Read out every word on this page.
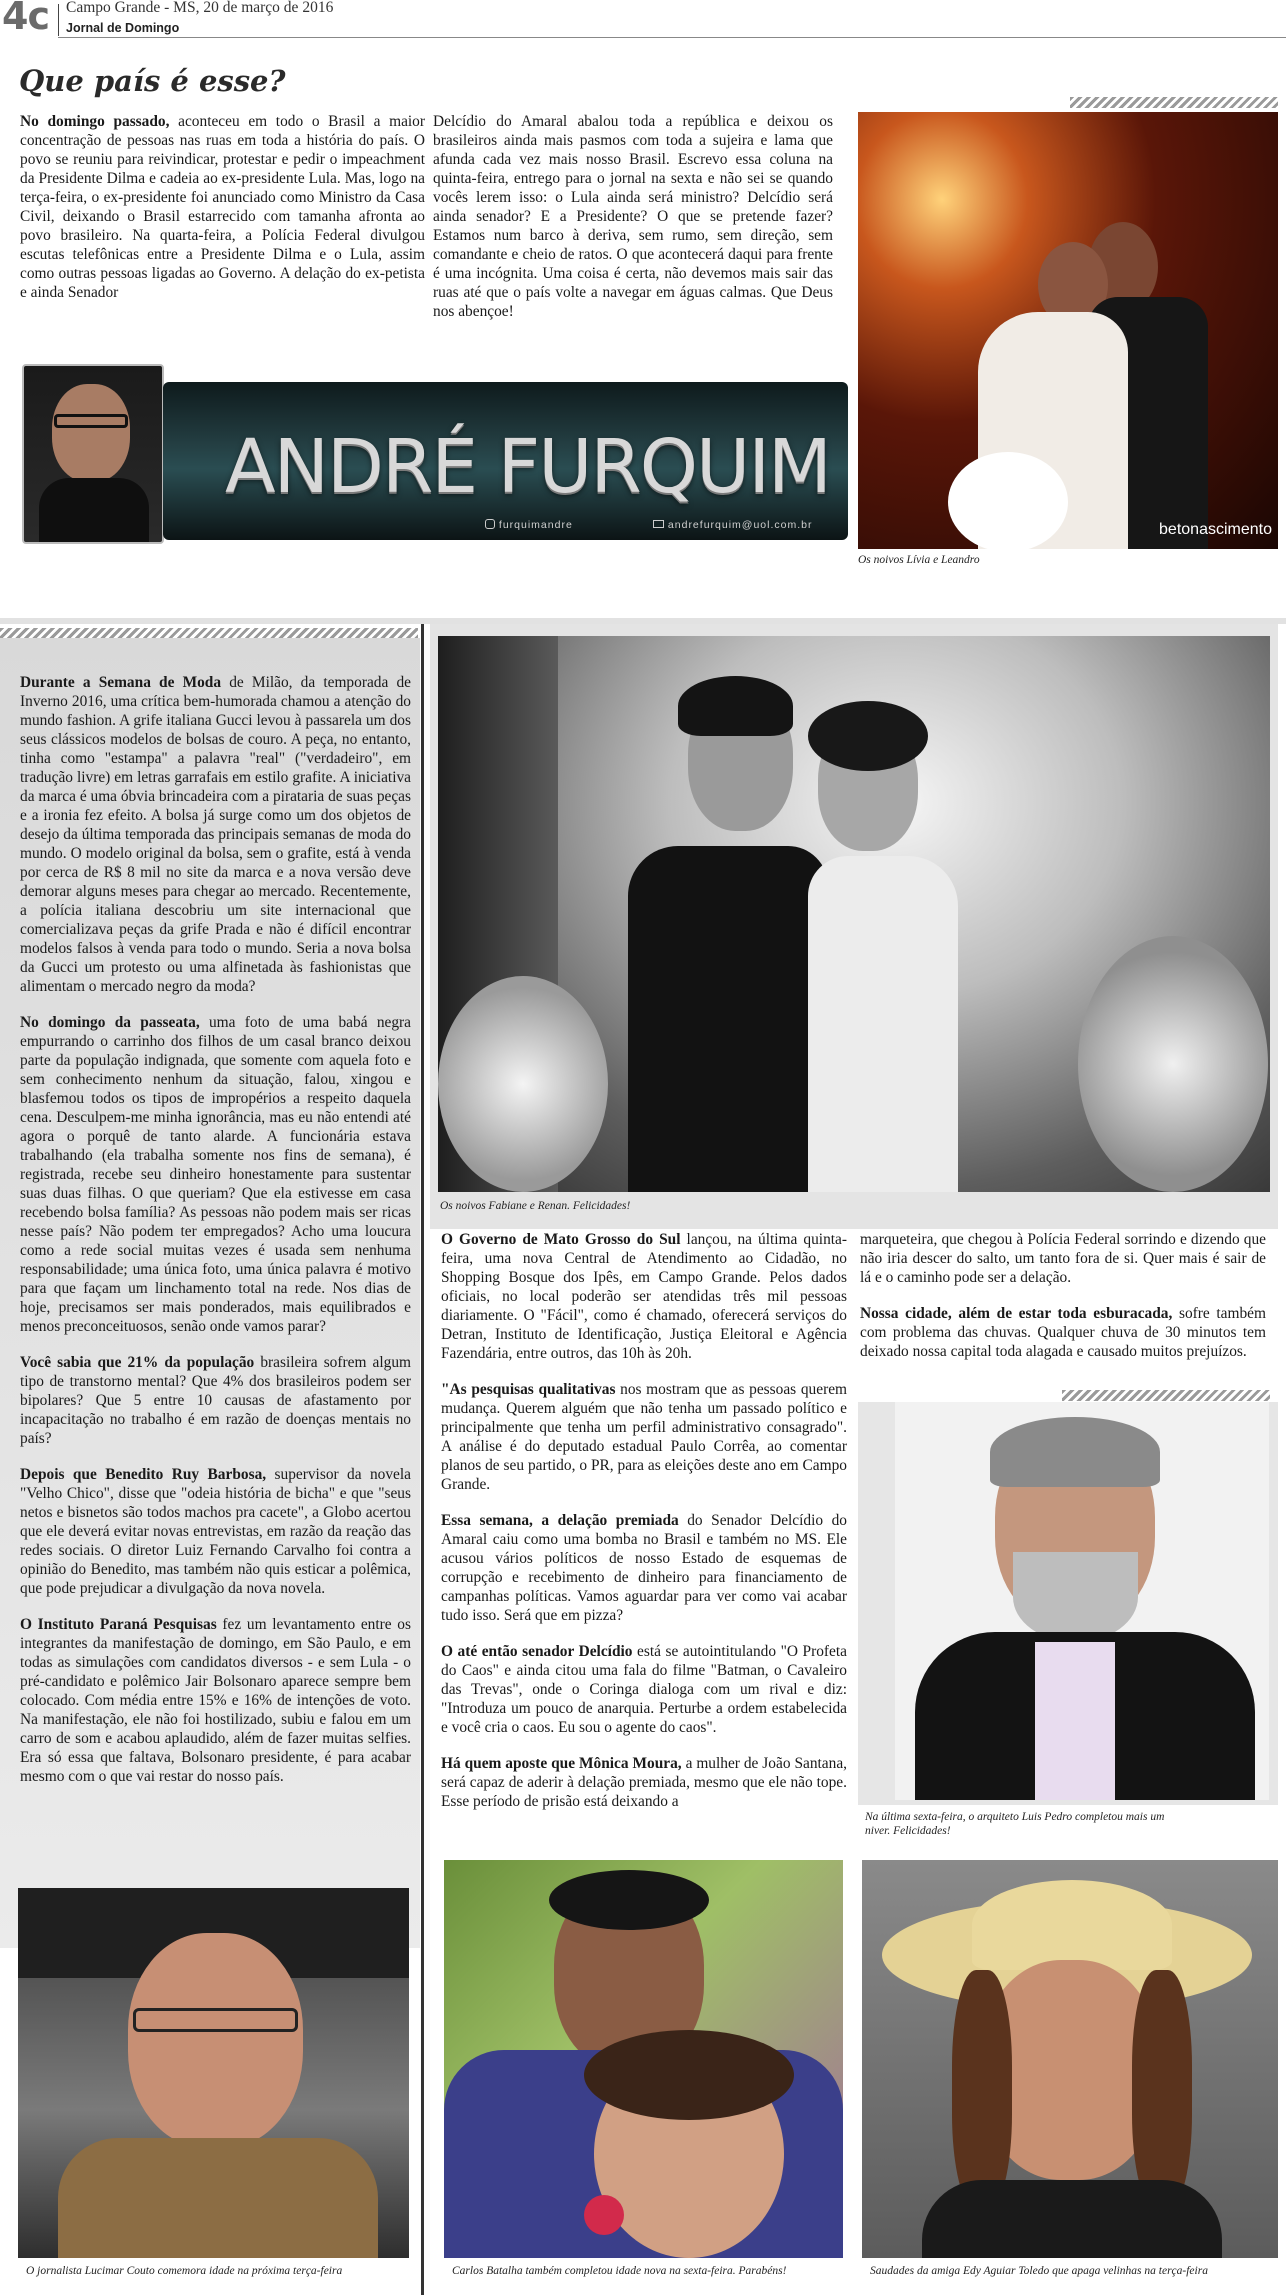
4c Campo Grande - MS, 20 de março de 2016
Jornal de Domingo
Que país é esse?

No domingo passado, aconteceu em todo o Brasil a maior concentração de pessoas nas ruas em toda a história do país. O povo se reuniu para reivindicar, protestar e pedir o impeachment da Presidente Dilma e cadeia ao ex-presidente Lula. Mas, logo na terça-feira, o ex-presidente foi anunciado como Ministro da Casa Civil, deixando o Brasil estarrecido com tamanha afronta ao povo brasileiro. Na quarta-feira, a Polícia Federal divulgou escutas telefônicas entre a Presidente Dilma e o Lula, assim como outras pessoas ligadas ao Governo. A delação do ex-petista e ainda Senador

Delcídio do Amaral abalou toda a república e deixou os brasileiros ainda mais pasmos com toda a sujeira e lama que afunda cada vez mais nosso Brasil. Escrevo essa coluna na quinta-feira, entrego para o jornal na sexta e não sei se quando vocês lerem isso: o Lula ainda será ministro? Delcídio será ainda senador? E a Presidente? O que se pretende fazer? Estamos num barco à deriva, sem rumo, sem direção, sem comandante e cheio de ratos. O que acontecerá daqui para frente é uma incógnita. Uma coisa é certa, não devemos mais sair das ruas até que o país volte a navegar em águas calmas. Que Deus nos abençoe!

betonascimento
Os noivos Lívia e Leandro
ANDRÉ FURQUIM
furquimandre	andrefurquim@uol.com.br

Durante a Semana de Moda de Milão, da temporada de Inverno 2016, uma crítica bem-humorada chamou a atenção do mundo fashion. A grife italiana Gucci levou à passarela um dos seus clássicos modelos de bolsas de couro. A peça, no entanto, tinha como "estampa" a palavra "real" ("verdadeiro", em tradução livre) em letras garrafais em estilo grafite. A iniciativa da marca é uma óbvia brincadeira com a pirataria de suas peças e a ironia fez efeito. A bolsa já surge como um dos objetos de desejo da última temporada das principais semanas de moda do mundo. O modelo original da bolsa, sem o grafite, está à venda por cerca de R$ 8 mil no site da marca e a nova versão deve demorar alguns meses para chegar ao mercado. Recentemente, a polícia italiana descobriu um site internacional que comercializava peças da grife Prada e não é difícil encontrar modelos falsos à venda para todo o mundo. Seria a nova bolsa da Gucci um protesto ou uma alfinetada às fashionistas que alimentam o mercado negro da moda?

No domingo da passeata, uma foto de uma babá negra empurrando o carrinho dos filhos de um casal branco deixou parte da população indignada, que somente com aquela foto e sem conhecimento nenhum da situação, falou, xingou e blasfemou todos os tipos de impropérios a respeito daquela cena. Desculpem-me minha ignorância, mas eu não entendi até agora o porquê de tanto alarde. A funcionária estava trabalhando (ela trabalha somente nos fins de semana), é registrada, recebe seu dinheiro honestamente para sustentar suas duas filhas. O que queriam? Que ela estivesse em casa recebendo bolsa família? As pessoas não podem mais ser ricas nesse país? Não podem ter empregados? Acho uma loucura como a rede social muitas vezes é usada sem nenhuma responsabilidade; uma única foto, uma única palavra é motivo para que façam um linchamento total na rede. Nos dias de hoje, precisamos ser mais ponderados, mais equilibrados e menos preconceituosos, senão onde vamos parar?

Você sabia que 21% da população brasileira sofrem algum tipo de transtorno mental? Que 4% dos brasileiros podem ser bipolares? Que 5 entre 10 causas de afastamento por incapacitação no trabalho é em razão de doenças mentais no país?

Depois que Benedito Ruy Barbosa, supervisor da novela "Velho Chico", disse que "odeia história de bicha" e que "seus netos e bisnetos são todos machos pra cacete", a Globo acertou que ele deverá evitar novas entrevistas, em razão da reação das redes sociais. O diretor Luiz Fernando Carvalho foi contra a opinião do Benedito, mas também não quis esticar a polêmica, que pode prejudicar a divulgação da nova novela.

O Instituto Paraná Pesquisas fez um levantamento entre os integrantes da manifestação de domingo, em São Paulo, e em todas as simulações com candidatos diversos - e sem Lula - o pré-candidato e polêmico Jair Bolsonaro aparece sempre bem colocado. Com média entre 15% e 16% de intenções de voto. Na manifestação, ele não foi hostilizado, subiu e falou em um carro de som e acabou aplaudido, além de fazer muitas selfies. Era só essa que faltava, Bolsonaro presidente, é para acabar mesmo com o que vai restar do nosso país.

Os noivos Fabiane e Renan. Felicidades!

O Governo de Mato Grosso do Sul lançou, na última quinta-feira, uma nova Central de Atendimento ao Cidadão, no Shopping Bosque dos Ipês, em Campo Grande. Pelos dados oficiais, no local poderão ser atendidas três mil pessoas diariamente. O "Fácil", como é chamado, oferecerá serviços do Detran, Instituto de Identificação, Justiça Eleitoral e Agência Fazendária, entre outros, das 10h às 20h.

"As pesquisas qualitativas nos mostram que as pessoas querem mudança. Querem alguém que não tenha um passado político e principalmente que tenha um perfil administrativo consagrado". A análise é do deputado estadual Paulo Corrêa, ao comentar planos de seu partido, o PR, para as eleições deste ano em Campo Grande.

Essa semana, a delação premiada do Senador Delcídio do Amaral caiu como uma bomba no Brasil e também no MS. Ele acusou vários políticos de nosso Estado de esquemas de corrupção e recebimento de dinheiro para financiamento de campanhas políticas. Vamos aguardar para ver como vai acabar tudo isso. Será que em pizza?

O até então senador Delcídio está se autointitulando "O Profeta do Caos" e ainda citou uma fala do filme "Batman, o Cavaleiro das Trevas", onde o Coringa dialoga com um rival e diz: "Introduza um pouco de anarquia. Perturbe a ordem estabelecida e você cria o caos. Eu sou o agente do caos".

Há quem aposte que Mônica Moura, a mulher de João Santana, será capaz de aderir à delação premiada, mesmo que ele não tope. Esse período de prisão está deixando a

marqueteira, que chegou à Polícia Federal sorrindo e dizendo que não iria descer do salto, um tanto fora de si. Quer mais é sair de lá e o caminho pode ser a delação.

Nossa cidade, além de estar toda esburacada, sofre também com problema das chuvas. Qualquer chuva de 30 minutos tem deixado nossa capital toda alagada e causado muitos prejuízos.

Na última sexta-feira, o arquiteto Luis Pedro completou mais um niver. Felicidades!
O jornalista Lucimar Couto comemora idade na próxima terça-feira	Carlos Batalha também completou idade nova na sexta-feira. Parabéns!	Saudades da amiga Edy Aguiar Toledo que apaga velinhas na terça-feira
